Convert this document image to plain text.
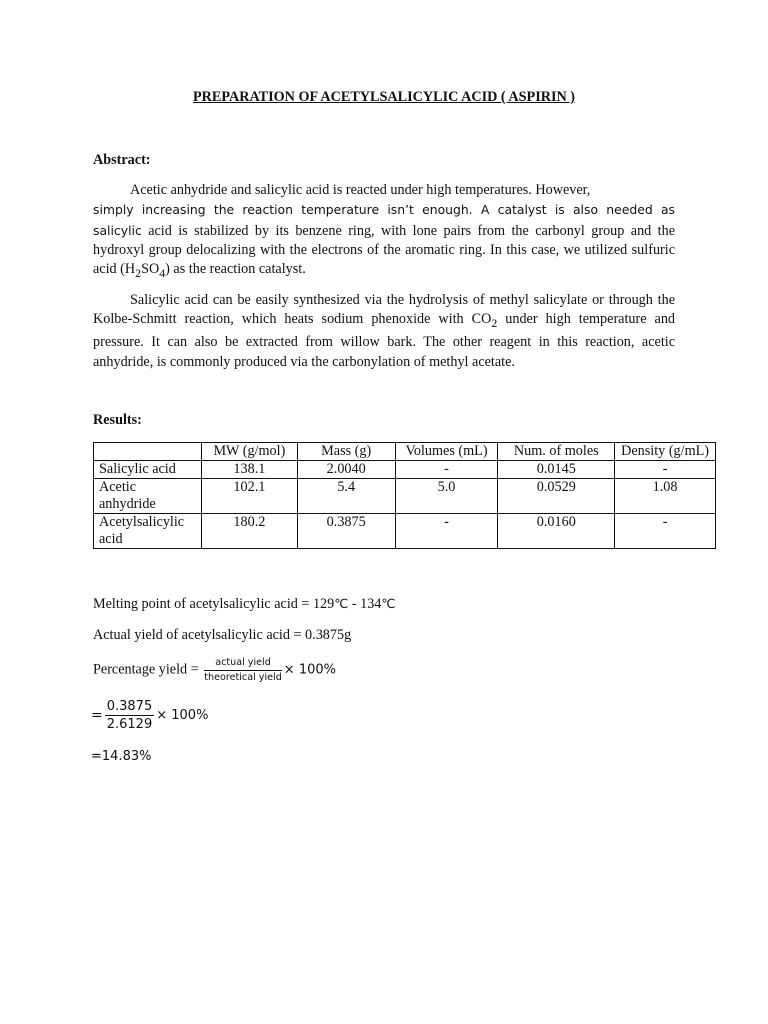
PREPARATION OF ACETYLSALICYLIC ACID ( ASPIRIN )
Abstract:
Acetic anhydride and salicylic acid is reacted under high temperatures. However,
simply increasing the reaction temperature isn’t enough. A catalyst is also needed as salicylic acid is stabilized by its benzene ring, with lone pairs from the carbonyl group and the hydroxyl group delocalizing with the electrons of the aromatic ring. In this case, we utilized sulfuric acid $(H_2SO_4)$ as the reaction catalyst.
Salicylic acid can be easily synthesized via the hydrolysis of methyl salicylate or through the Kolbe-Schmitt reaction, which heats sodium phenoxide with $CO_2$ under high temperature and pressure. It can also be extracted from willow bark. The other reagent in this reaction, acetic anhydride, is commonly produced via the carbonylation of methyl acetate.
Results:
	MW (g/mol)	Mass (g)	Volumes (mL)	Num. of moles	Density (g/mL)
Salicylic acid	138.1	2.0040	-	0.0145	-
Acetic anhydride	102.1	5.4	5.0	0.0529	1.08
Acetylsalicylic acid	180.2	0.3875	-	0.0160	-
Melting point of acetylsalicylic acid = 129℃ - 134℃
Actual yield of acetylsalicylic acid = 0.3875g
Percentage yield = $\frac{\text{actual yield}}{\text{theoretical yield}} \times 100\%$
= $\frac{0.3875}{2.6129} \times 100\%$
=14.83%
